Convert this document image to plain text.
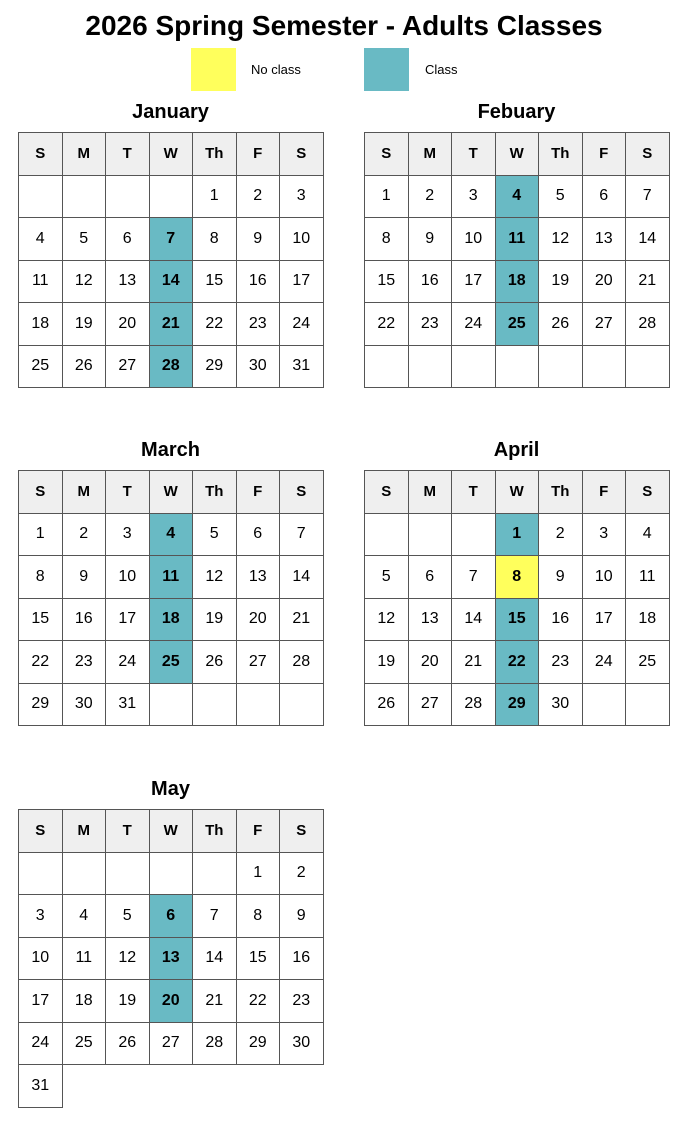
2026 Spring Semester - Adults Classes
No class	Class
January
S	M	T	W	Th	F	S
				1	2	3
4	5	6	7	8	9	10
11	12	13	14	15	16	17
18	19	20	21	22	23	24
25	26	27	28	29	30	31
Febuary
S	M	T	W	Th	F	S
1	2	3	4	5	6	7
8	9	10	11	12	13	14
15	16	17	18	19	20	21
22	23	24	25	26	27	28

March
S	M	T	W	Th	F	S
1	2	3	4	5	6	7
8	9	10	11	12	13	14
15	16	17	18	19	20	21
22	23	24	25	26	27	28
29	30	31				
April
S	M	T	W	Th	F	S
			1	2	3	4
5	6	7	8	9	10	11
12	13	14	15	16	17	18
19	20	21	22	23	24	25
26	27	28	29	30		
May
S	M	T	W	Th	F	S
					1	2
3	4	5	6	7	8	9
10	11	12	13	14	15	16
17	18	19	20	21	22	23
24	25	26	27	28	29	30
31						
